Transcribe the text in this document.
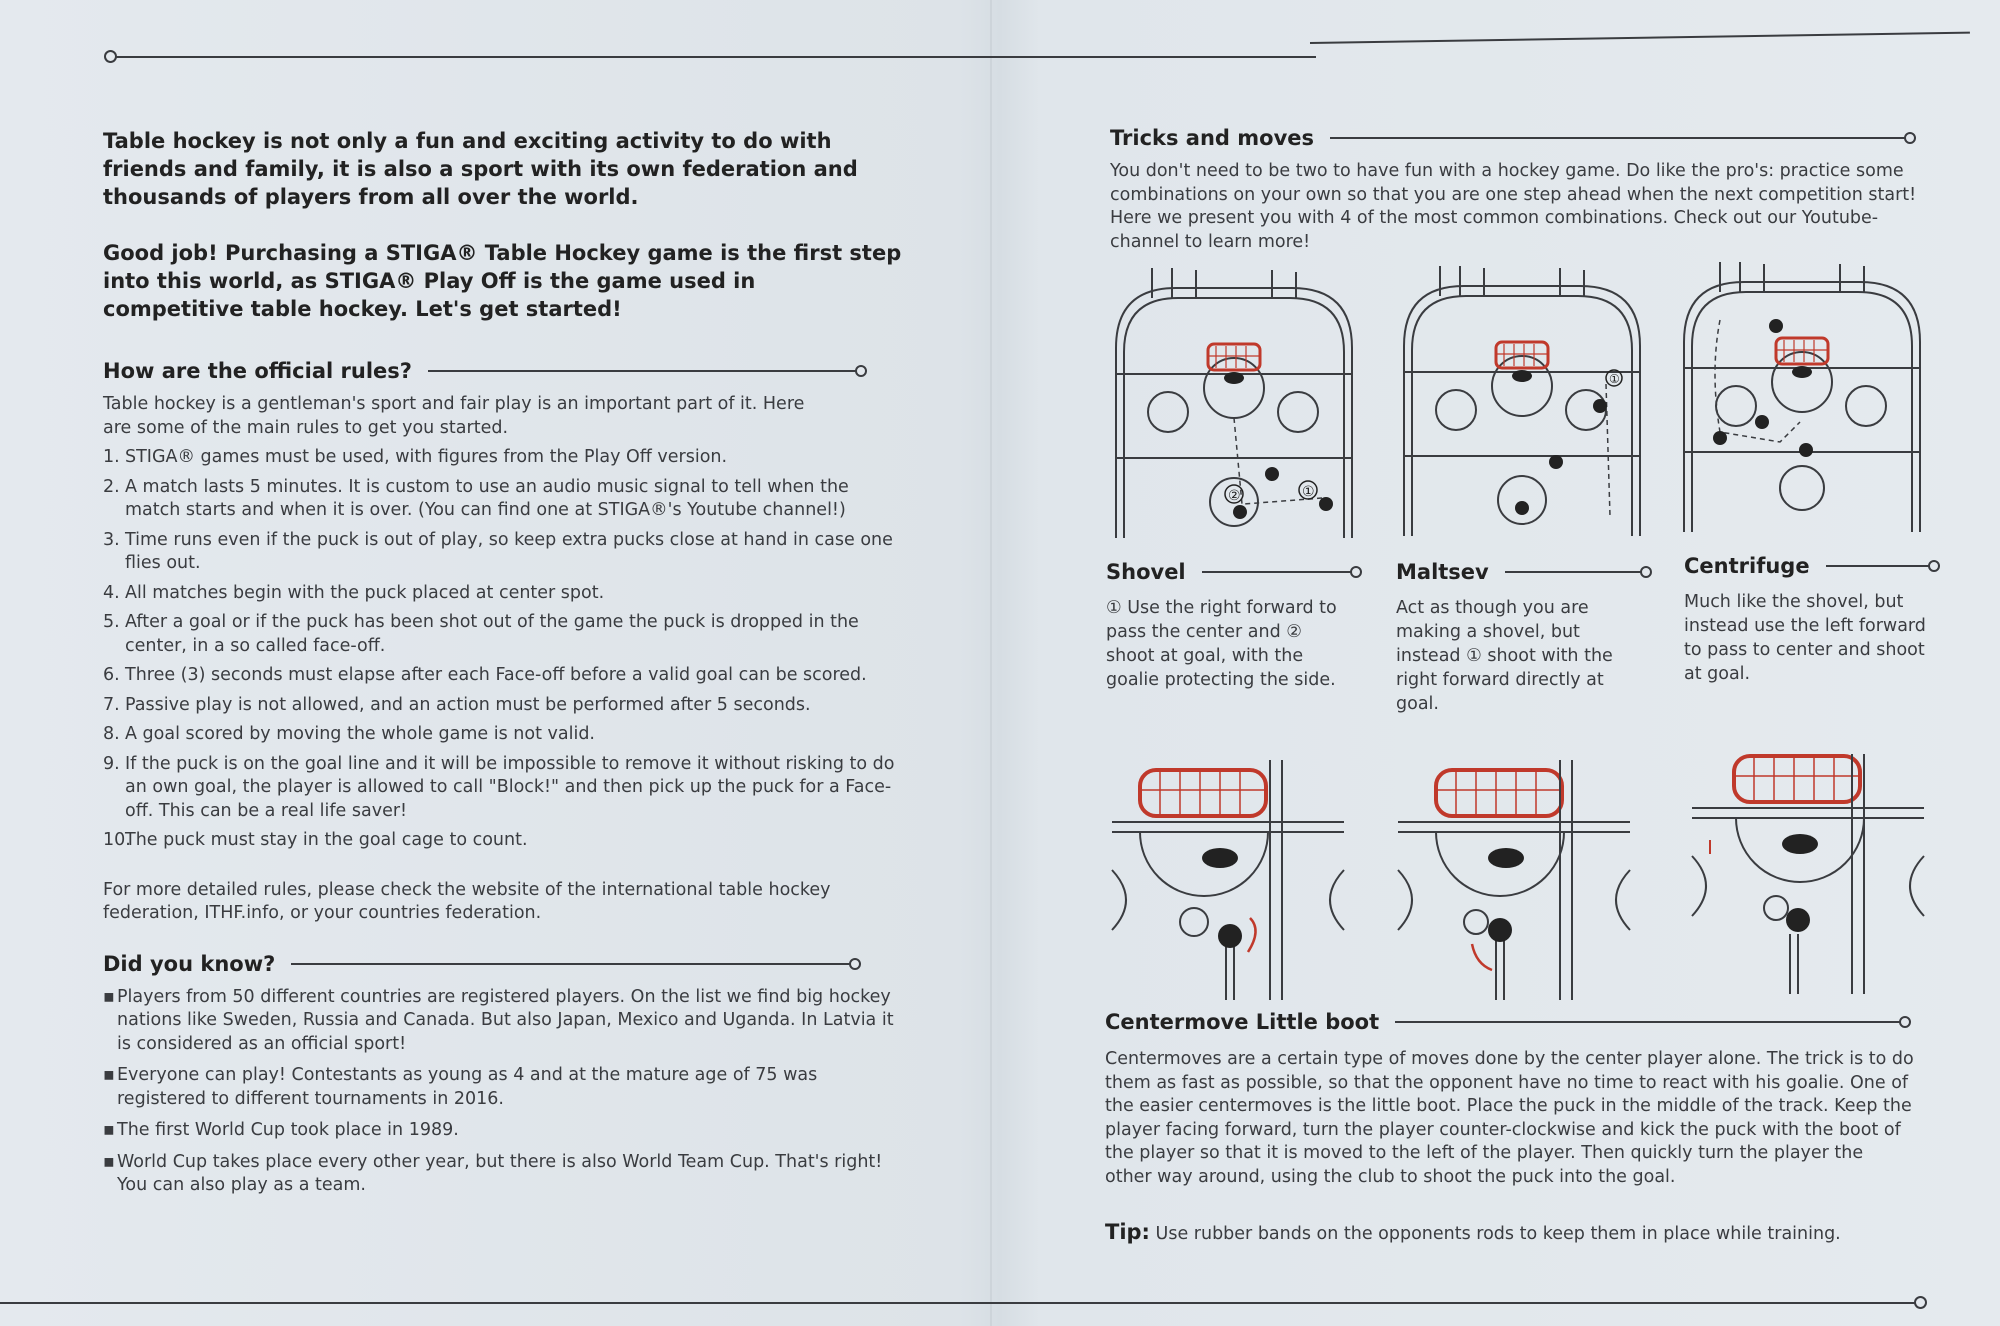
Table hockey is not only a fun and exciting activity to do with friends and family, it is also a sport with its own federation and thousands of players from all over the world.

Good job! Purchasing a STIGA® Table Hockey game is the first step into this world, as STIGA® Play Off is the game used in competitive table hockey. Let's get started!

How are the official rules?

Table hockey is a gentleman's sport and fair play is an important part of it. Here are some of the main rules to get you started.

1. STIGA® games must be used, with figures from the Play Off version.
2. A match lasts 5 minutes. It is custom to use an audio music signal to tell when the match starts and when it is over. (You can find one at STIGA®'s Youtube channel!)
3. Time runs even if the puck is out of play, so keep extra pucks close at hand in case one flies out.
4. All matches begin with the puck placed at center spot.
5. After a goal or if the puck has been shot out of the game the puck is dropped in the center, in a so called face-off.
6. Three (3) seconds must elapse after each Face-off before a valid goal can be scored.
7. Passive play is not allowed, and an action must be performed after 5 seconds.
8. A goal scored by moving the whole game is not valid.
9. If the puck is on the goal line and it will be impossible to remove it without risking to do an own goal, the player is allowed to call "Block!" and then pick up the puck for a Face-off. This can be a real life saver!
10.
The puck must stay in the goal cage to count.

For more detailed rules, please check the website of the international table hockey federation, ITHF.info, or your countries federation.

Did you know?
▪ Players from 50 different countries are registered players. On the list we find big hockey nations like Sweden, Russia and Canada. But also Japan, Mexico and Uganda. In Latvia it is considered as an official sport!
▪ Everyone can play! Contestants as young as 4 and at the mature age of 75 was registered to different tournaments in 2016.
▪ The first World Cup took place in 1989.
▪ World Cup takes place every other year, but there is also World Team Cup. That's right! You can also play as a team.
Tricks and moves

You don't need to be two to have fun with a hockey game. Do like the pro's: practice some combinations on your own so that you are one step ahead when the next competition start! Here we present you with 4 of the most common combinations. Check out our Youtube-channel to learn more!

②	①
①
Shovel

① Use the right forward to pass the center and ② shoot at goal, with the goalie protecting the side.

Maltsev

Act as though you are making a shovel, but instead ① shoot with the right forward directly at goal.

Centrifuge

Much like the shovel, but instead use the left forward to pass to center and shoot at goal.

Centermove Little boot

Centermoves are a certain type of moves done by the center player alone. The trick is to do them as fast as possible, so that the opponent have no time to react with his goalie. One of the easier centermoves is the little boot. Place the puck in the middle of the track. Keep the player facing forward, turn the player counter-clockwise and kick the puck with the boot of the player so that it is moved to the left of the player. Then quickly turn the player the other way around, using the club to shoot the puck into the goal.

Tip: Use rubber bands on the opponents rods to keep them in place while training.
